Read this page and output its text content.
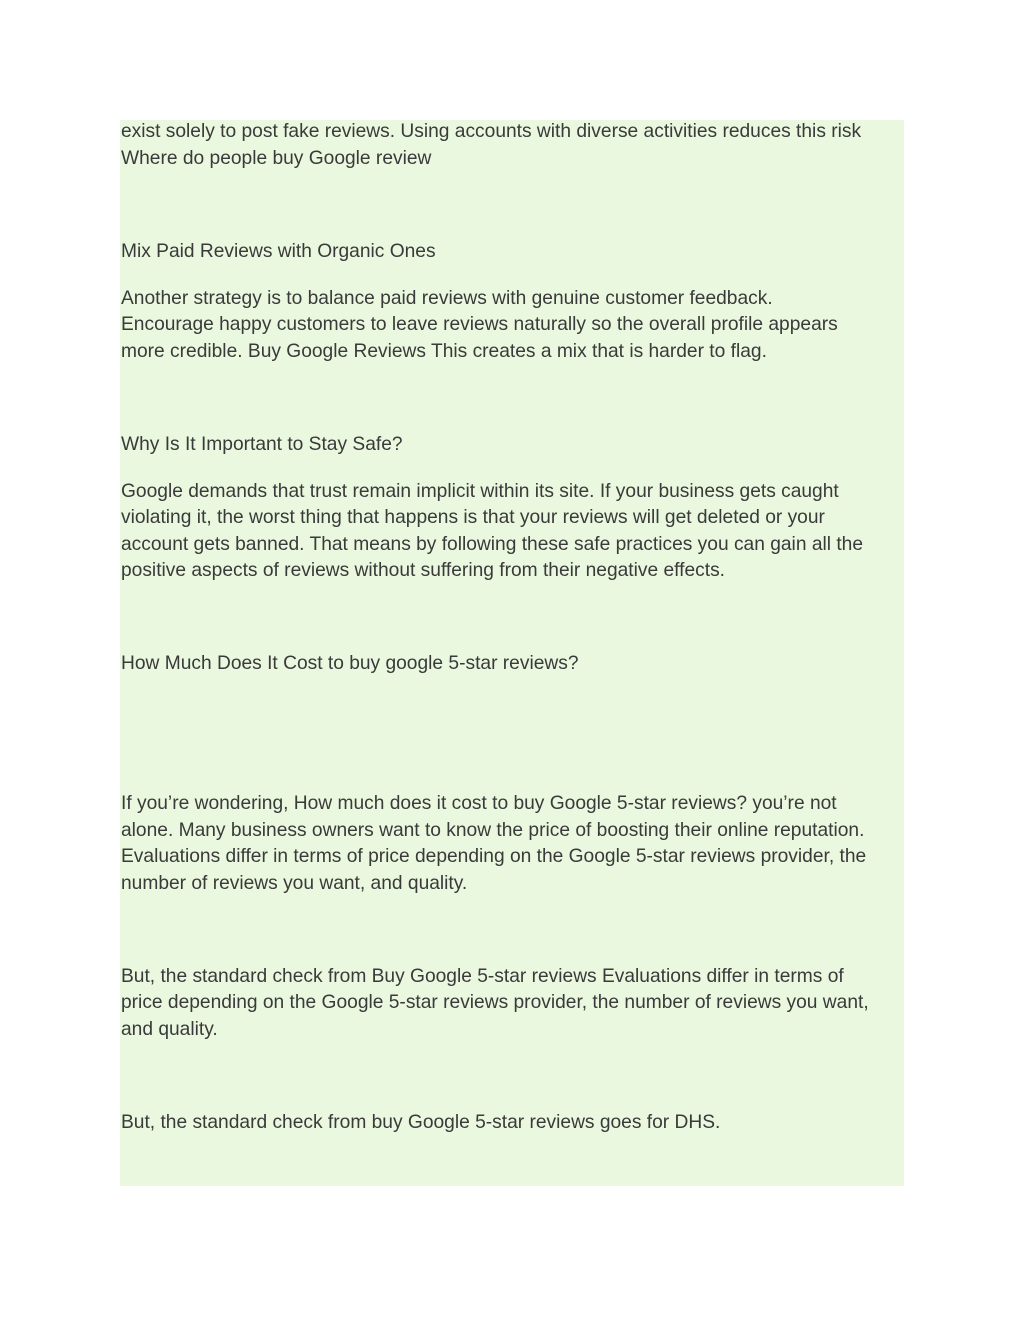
exist solely to post fake reviews. Using accounts with diverse activities reduces this risk
Where do people buy Google review
Mix Paid Reviews with Organic Ones
Another strategy is to balance paid reviews with genuine customer feedback.
Encourage happy customers to leave reviews naturally so the overall profile appears
more credible. Buy Google Reviews This creates a mix that is harder to flag.
Why Is It Important to Stay Safe?
Google demands that trust remain implicit within its site. If your business gets caught
violating it, the worst thing that happens is that your reviews will get deleted or your
account gets banned. That means by following these safe practices you can gain all the
positive aspects of reviews without suffering from their negative effects.
How Much Does It Cost to buy google 5-star reviews?
If you’re wondering, How much does it cost to buy Google 5-star reviews? you’re not
alone. Many business owners want to know the price of boosting their online reputation.
Evaluations differ in terms of price depending on the Google 5-star reviews provider, the
number of reviews you want, and quality.
But, the standard check from Buy Google 5-star reviews Evaluations differ in terms of
price depending on the Google 5-star reviews provider, the number of reviews you want,
and quality.
But, the standard check from buy Google 5-star reviews goes for DHS.
